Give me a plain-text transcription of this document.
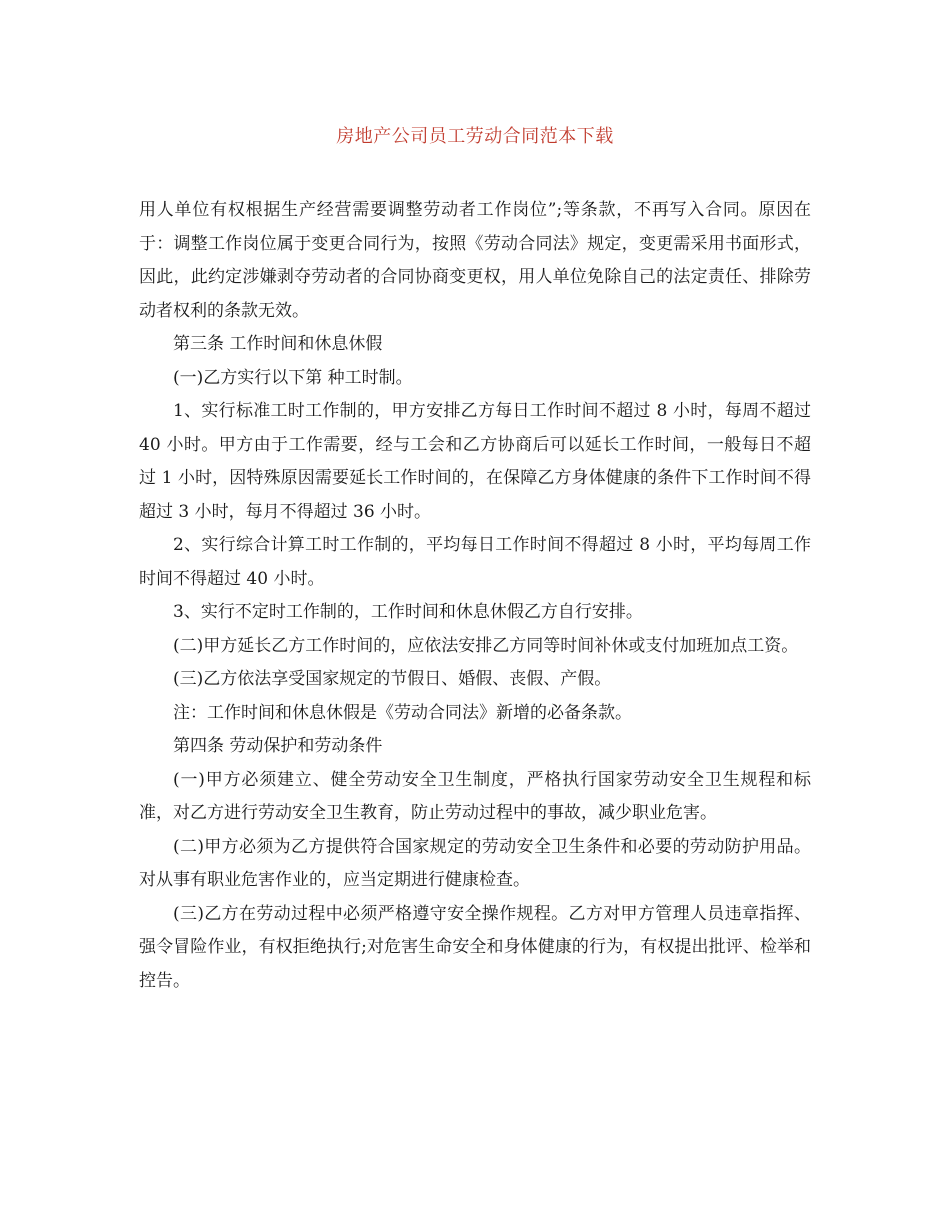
房地产公司员工劳动合同范本下载

用人单位有权根据生产经营需要调整劳动者工作岗位”;等条款，不再写入合同。原因在于：调整工作岗位属于变更合同行为，按照《劳动合同法》规定，变更需采用书面形式，因此，此约定涉嫌剥夺劳动者的合同协商变更权，用人单位免除自己的法定责任、排除劳动者权利的条款无效。

第三条 工作时间和休息休假

(一)乙方实行以下第 种工时制。

1、实行标准工时工作制的，甲方安排乙方每日工作时间不超过 8 小时，每周不超过 40 小时。甲方由于工作需要，经与工会和乙方协商后可以延长工作时间，一般每日不超过 1 小时，因特殊原因需要延长工作时间的，在保障乙方身体健康的条件下工作时间不得超过 3 小时，每月不得超过 36 小时。

2、实行综合计算工时工作制的，平均每日工作时间不得超过 8 小时，平均每周工作时间不得超过 40 小时。

3、实行不定时工作制的，工作时间和休息休假乙方自行安排。

(二)甲方延长乙方工作时间的，应依法安排乙方同等时间补休或支付加班加点工资。

(三)乙方依法享受国家规定的节假日、婚假、丧假、产假。

注：工作时间和休息休假是《劳动合同法》新增的必备条款。

第四条 劳动保护和劳动条件

(一)甲方必须建立、健全劳动安全卫生制度，严格执行国家劳动安全卫生规程和标准，对乙方进行劳动安全卫生教育，防止劳动过程中的事故，减少职业危害。

(二)甲方必须为乙方提供符合国家规定的劳动安全卫生条件和必要的劳动防护用品。对从事有职业危害作业的，应当定期进行健康检查。

(三)乙方在劳动过程中必须严格遵守安全操作规程。乙方对甲方管理人员违章指挥、强令冒险作业，有权拒绝执行;对危害生命安全和身体健康的行为，有权提出批评、检举和控告。
